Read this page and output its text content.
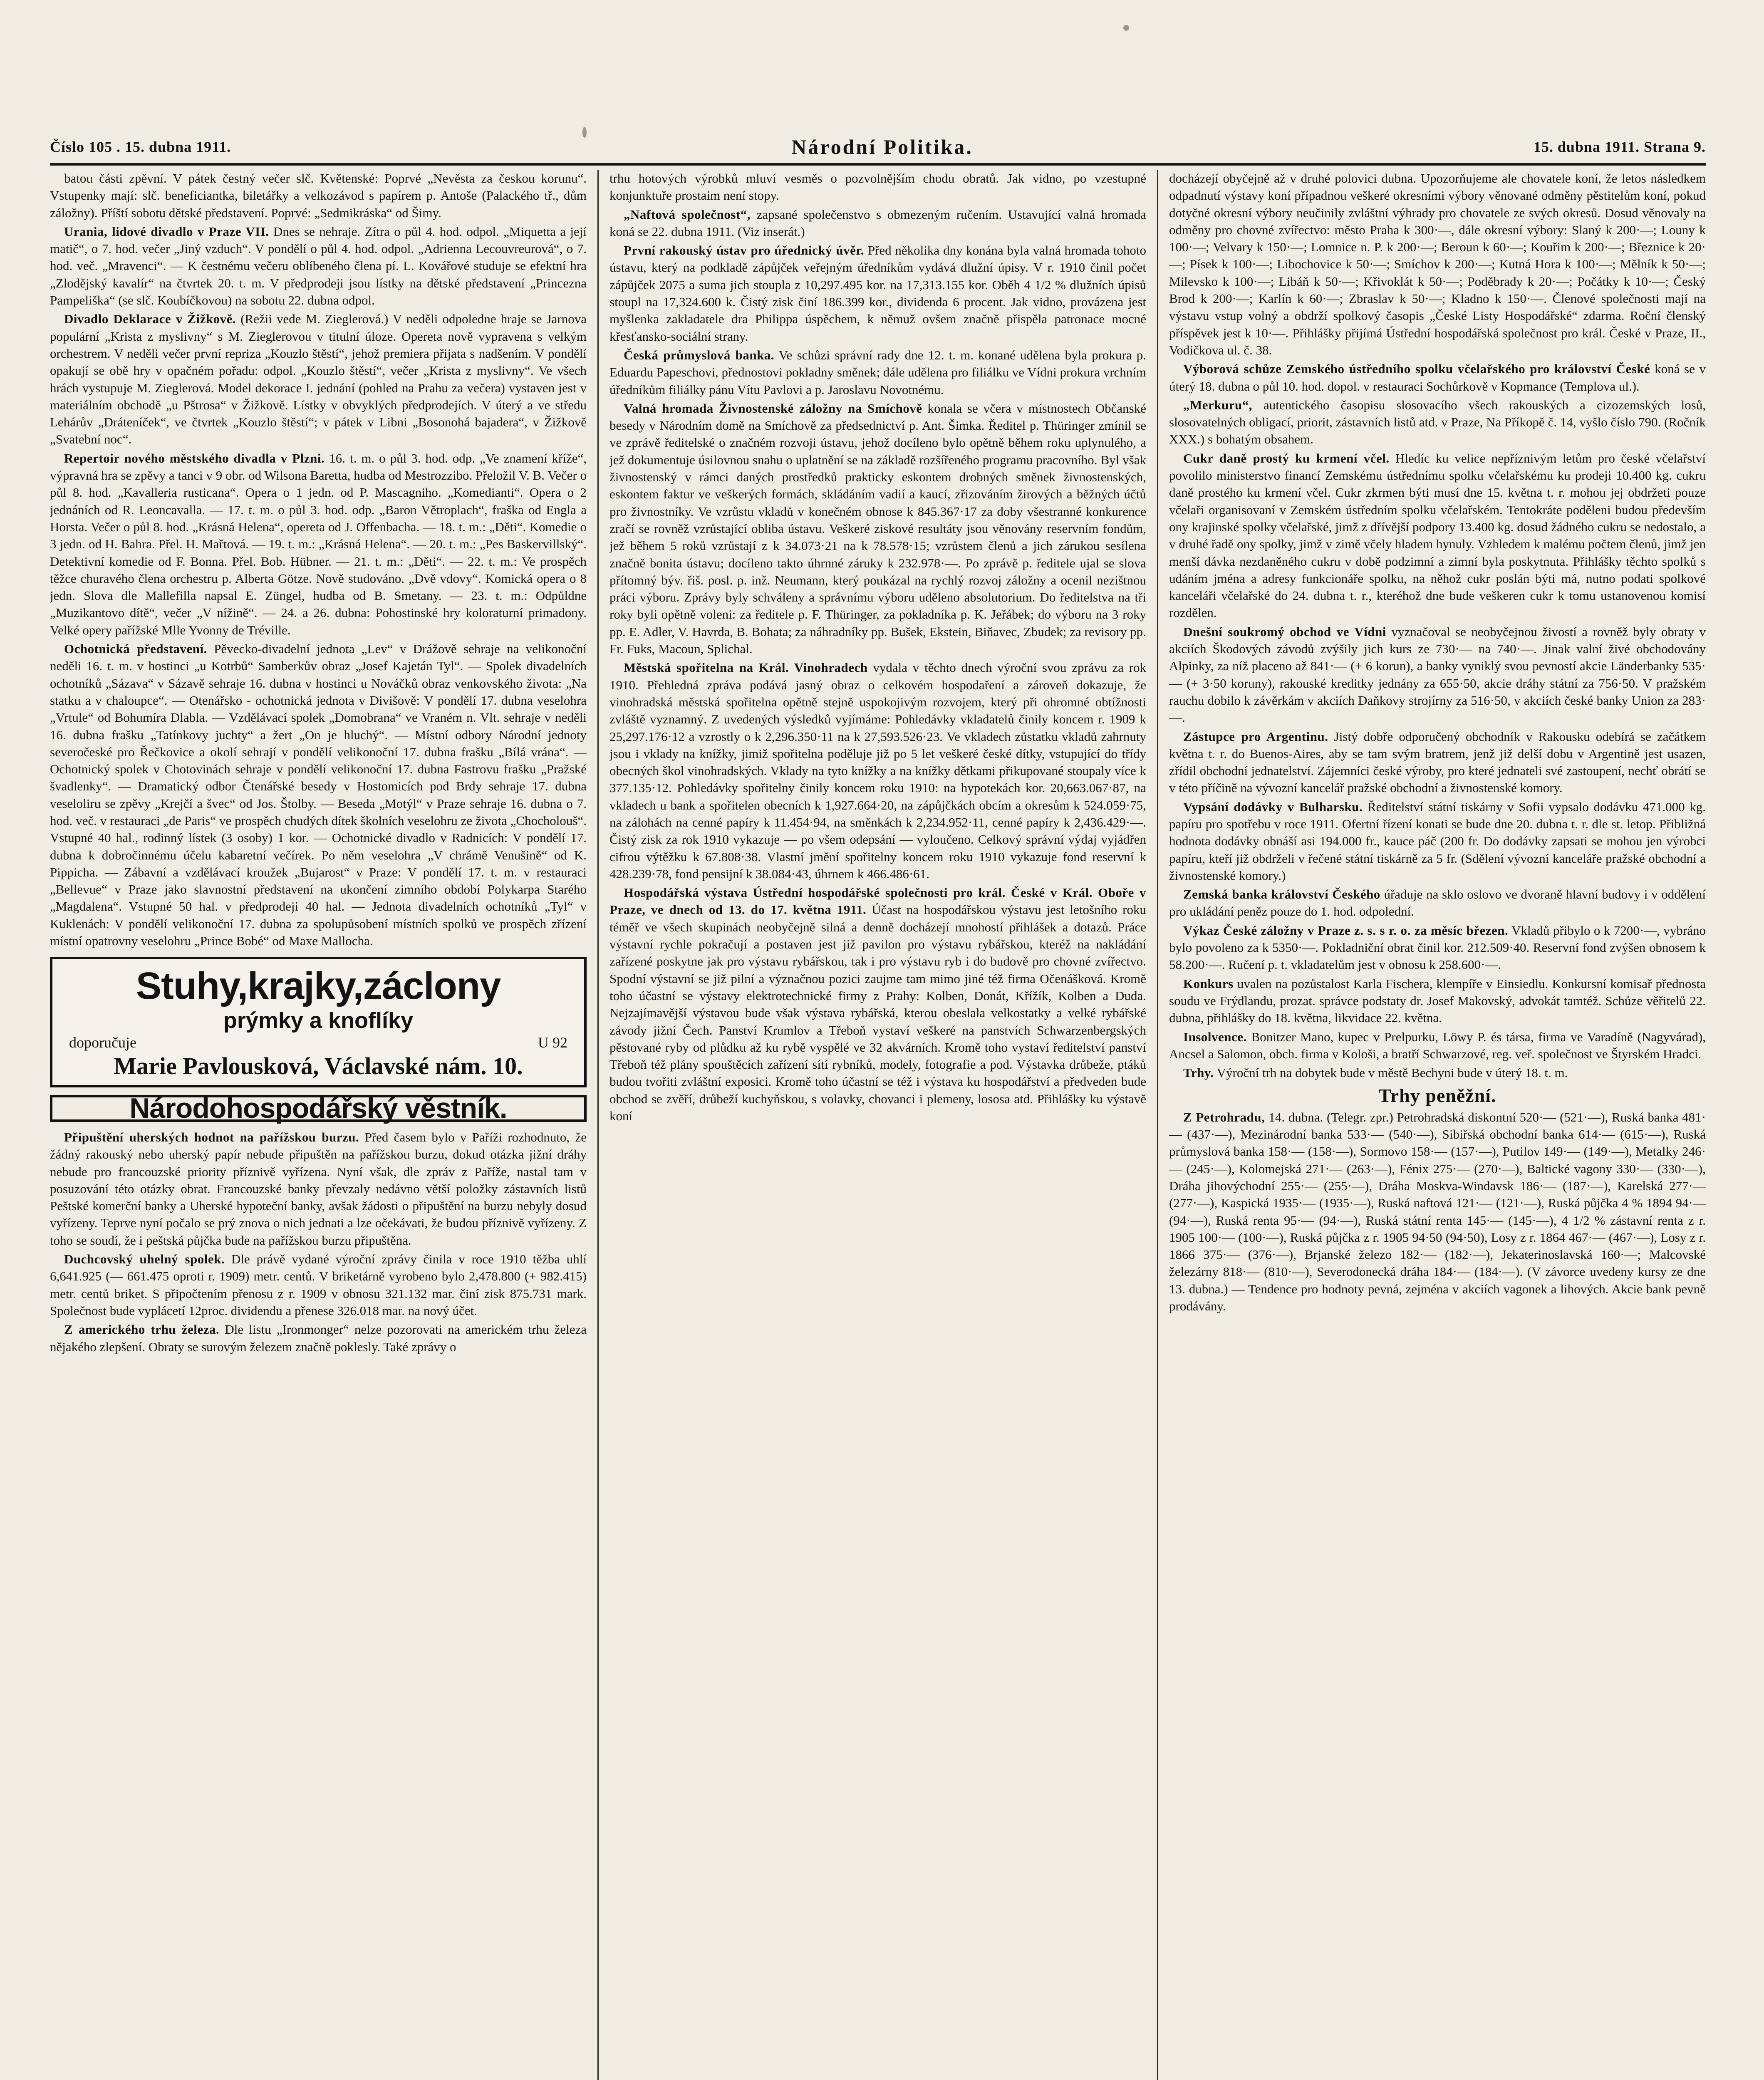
Číslo 105 . 15. dubna 1911.	Národní Politika.	15. dubna 1911. Strana 9.

batou části zpěvní. V pátek čestný večer slč. Květenské: Poprvé „Nevěsta za českou korunu“. Vstupenky mají: slč. beneficiantka, biletářky a velkozávod s papírem p. Antoše (Palackého tř., dům záložny). Příští sobotu dětské představení. Poprvé: „Sedmikráska“ od Šimy.

Urania, lidové divadlo v Praze VII. Dnes se nehraje. Zítra o půl 4. hod. odpol. „Miquetta a její matič“, o 7. hod. večer „Jiný vzduch“. V pondělí o půl 4. hod. odpol. „Adrienna Lecouvreurová“, o 7. hod. več. „Mravenci“. — K čestnému večeru oblíbeného člena pí. L. Kovářové studuje se efektní hra „Zlodějský kavalír“ na čtvrtek 20. t. m. V předprodeji jsou lístky na dětské představení „Princezna Pampeliška“ (se slč. Koubíčkovou) na sobotu 22. dubna odpol.

Divadlo Deklarace v Žižkově. (Režii vede M. Zieglerová.) V neděli odpoledne hraje se Jarnova populární „Krista z myslivny“ s M. Zieglerovou v titulní úloze. Opereta nově vypravena s velkým orchestrem. V neděli večer první repriza „Kouzlo štěstí“, jehož premiera přijata s nadšením. V pondělí opakují se obě hry v opačném pořadu: odpol. „Kouzlo štěstí“, večer „Krista z myslivny“. Ve všech hrách vystupuje M. Zieglerová. Model dekorace I. jednání (pohled na Prahu za večera) vystaven jest v materiálním obchodě „u Pštrosa“ v Žižkově. Lístky v obvyklých předprodejích. V úterý a ve středu Lehárův „Dráteníček“, ve čtvrtek „Kouzlo štěstí“; v pátek v Libni „Bosonohá bajadera“, v Žižkově „Svatební noc“.

Repertoir nového městského divadla v Plzni. 16. t. m. o půl 3. hod. odp. „Ve znamení kříže“, výpravná hra se zpěvy a tanci v 9 obr. od Wilsona Baretta, hudba od Mestrozzibo. Přeložil V. B. Večer o půl 8. hod. „Kavalleria rusticana“. Opera o 1 jedn. od P. Mascagniho. „Komedianti“. Opera o 2 jednáních od R. Leoncavalla. — 17. t. m. o půl 3. hod. odp. „Baron Větroplach“, fraška od Engla a Horsta. Večer o půl 8. hod. „Krásná Helena“, opereta od J. Offenbacha. — 18. t. m.: „Děti“. Komedie o 3 jedn. od H. Bahra. Přel. H. Mařtová. — 19. t. m.: „Krásná Helena“. — 20. t. m.: „Pes Baskervillský“. Detektivní komedie od F. Bonna. Přel. Bob. Hübner. — 21. t. m.: „Děti“. — 22. t. m.: Ve prospěch těžce churavého člena orchestru p. Alberta Götze. Nově studováno. „Dvě vdovy“. Komická opera o 8 jedn. Slova dle Mallefilla napsal E. Züngel, hudba od B. Smetany. — 23. t. m.: Odpůldne „Muzikantovo dítě“, večer „V nížině“. — 24. a 26. dubna: Pohostinské hry koloraturní primadony. Velké opery pařížské Mlle Yvonny de Tréville.

Ochotnická představení. Pěvecko-divadelní jednota „Lev“ v Drážově sehraje na velikonoční neděli 16. t. m. v hostinci „u Kotrbů“ Samberkův obraz „Josef Kajetán Tyl“. — Spolek divadelních ochotníků „Sázava“ v Sázavě sehraje 16. dubna v hostinci u Nováčků obraz venkovského života: „Na statku a v chaloupce“. — Otenářsko - ochotnická jednota v Divišově: V pondělí 17. dubna veselohra „Vrtule“ od Bohumíra Dlabla. — Vzdělávací spolek „Domobrana“ ve Vraném n. Vlt. sehraje v neděli 16. dubna frašku „Tatínkovy juchty“ a žert „On je hluchý“. — Místní odbory Národní jednoty severočeské pro Řečkovice a okolí sehrají v pondělí velikonoční 17. dubna frašku „Bílá vrána“. — Ochotnický spolek v Chotovinách sehraje v pondělí velikonoční 17. dubna Fastrovu frašku „Pražské švadlenky“. — Dramatický odbor Čtenářské besedy v Hostomicích pod Brdy sehraje 17. dubna veseloliru se zpěvy „Krejčí a švec“ od Jos. Štolby. — Beseda „Motýl“ v Praze sehraje 16. dubna o 7. hod. več. v restauraci „de Paris“ ve prospěch chudých dítek školních veselohru ze života „Chocholouš“. Vstupné 40 hal., rodinný lístek (3 osoby) 1 kor. — Ochotnické divadlo v Radnicích: V pondělí 17. dubna k dobročinnému účelu kabaretní večírek. Po něm veselohra „V chrámě Venušině“ od K. Pippicha. — Zábavní a vzdělávací kroužek „Bujarost“ v Praze: V pondělí 17. t. m. v restauraci „Bellevue“ v Praze jako slavnostní představení na ukončení zimního období Polykarpa Starého „Magdalena“. Vstupné 50 hal. v předprodeji 40 hal. — Jednota divadelních ochotníků „Tyl“ v Kuklenách: V pondělí velikonoční 17. dubna za spolupůsobení místních spolků ve prospěch zřízení místní opatrovny veselohru „Prince Bobé“ od Maxe Mallocha.

Stuhy,krajky,záclony
prýmky a knoflíky
doporučuje	U 92
Marie Pavlousková, Václavské nám. 10.
Národohospodářský věstník.

Připuštění uherských hodnot na pařížskou burzu. Před časem bylo v Paříži rozhodnuto, že žádný rakouský nebo uherský papír nebude připuštěn na pařížskou burzu, dokud otázka jižní dráhy nebude pro francouzské priority příznivě vyřízena. Nyní však, dle zpráv z Paříže, nastal tam v posuzování této otázky obrat. Francouzské banky převzaly nedávno větší položky zástavních listů Peštské komerční banky a Uherské hypoteční banky, avšak žádosti o připuštění na burzu nebyly dosud vyřízeny. Teprve nyní počalo se prý znova o nich jednati a lze očekávati, že budou příznivě vyřízeny. Z toho se soudí, že i peštská půjčka bude na pařížskou burzu připuštěna.

Duchcovský uhelný spolek. Dle právě vydané výroční zprávy činila v roce 1910 těžba uhlí 6,641.925 (— 661.475 oproti r. 1909) metr. centů. V briketárně vyrobeno bylo 2,478.800 (+ 982.415) metr. centů briket. S připočtením přenosu z r. 1909 v obnosu 321.132 mar. činí zisk 875.731 mark. Společnost bude vyplácetí 12proc. dividendu a přenese 326.018 mar. na nový účet.

Z amerického trhu železa. Dle listu „Ironmonger“ nelze pozorovati na americkém trhu železa nějakého zlepšení. Obraty se surovým železem značně poklesly. Také zprávy o

trhu hotových výrobků mluví vesměs o pozvolnějším chodu obratů. Jak vidno, po vzestupné konjunktuře prostaim není stopy.

„Naftová společnost“, zapsané společenstvo s obmezeným ručením. Ustavující valná hromada koná se 22. dubna 1911. (Viz inserát.)

První rakouský ústav pro úřednický úvěr. Před několika dny konána byla valná hromada tohoto ústavu, který na podkladě zápůjček veřejným úředníkům vydává dlužní úpisy. V r. 1910 činil počet zápůjček 2075 a suma jich stoupla z 10,297.495 kor. na 17,313.155 kor. Oběh 4 1/2 % dlužních úpisů stoupl na 17,324.600 k. Čistý zisk činí 186.399 kor., dividenda 6 procent. Jak vidno, provázena jest myšlenka zakladatele dra Philippa úspěchem, k němuž ovšem značně přispěla patronace mocné křesťansko-sociální strany.

Česká průmyslová banka. Ve schůzi správní rady dne 12. t. m. konané udělena byla prokura p. Eduardu Papeschovi, přednostovi pokladny směnek; dále udělena pro filiálku ve Vídni prokura vrchním úředníkům filiálky pánu Vítu Pavlovi a p. Jaroslavu Novotnému.

Valná hromada Živnostenské záložny na Smíchově konala se včera v místnostech Občanské besedy v Národním domě na Smíchově za předsednictví p. Ant. Šimka. Ředitel p. Thüringer zmínil se ve zprávě ředitelské o značném rozvoji ústavu, jehož docíleno bylo opětně během roku uplynulého, a jež dokumentuje úsilovnou snahu o uplatnění se na základě rozšířeného programu pracovního. Byl však živnostenský v rámci daných prostředků prakticky eskontem drobných směnek živnostenských, eskontem faktur ve veškerých formách, skládáním vadií a kaucí, zřizováním žirových a běžných účtů pro živnostníky. Ve vzrůstu vkladů v konečném obnose k 845.367·17 za doby všestranné konkurence zračí se rovněž vzrůstající obliba ústavu. Veškeré ziskové resultáty jsou věnovány reservním fondům, jež během 5 roků vzrůstají z k 34.073·21 na k 78.578·15; vzrůstem členů a jich zárukou sesílena značně bonita ústavu; docíleno takto úhrnné záruky k 232.978·—. Po zprávě p. ředitele ujal se slova přítomný býv. řiš. posl. p. inž. Neumann, který poukázal na rychlý rozvoj záložny a ocenil nezištnou práci výboru. Zprávy byly schváleny a správnímu výboru uděleno absolutorium. Do ředitelstva na tři roky byli opětně voleni: za ředitele p. F. Thüringer, za pokladníka p. K. Jeřábek; do výboru na 3 roky pp. E. Adler, V. Havrda, B. Bohata; za náhradníky pp. Bušek, Ekstein, Biňavec, Zbudek; za revisory pp. Fr. Fuks, Macoun, Splichal.

Městská spořitelna na Král. Vinohradech vydala v těchto dnech výroční svou zprávu za rok 1910. Přehledná zpráva podává jasný obraz o celkovém hospodaření a zároveň dokazuje, že vinohradská městská spořitelna opětně stejně uspokojivým rozvojem, který při ohromné obtížnosti zvláště vyznamný. Z uvedených výsledků vyjímáme: Pohledávky vkladatelů činily koncem r. 1909 k 25,297.176·12 a vzrostly o k 2,296.350·11 na k 27,593.526·23. Ve vkladech zůstatku vkladů zahrnuty jsou i vklady na knížky, jimiž spořitelna poděluje již po 5 let veškeré české dítky, vstupující do třídy obecných škol vinohradských. Vklady na tyto knížky a na knížky dětkami přikupované stoupaly více k 377.135·12. Pohledávky spořitelny činily koncem roku 1910: na hypotekách kor. 20,663.067·87, na vkladech u bank a spořitelen obecních k 1,927.664·20, na zápůjčkách obcím a okresům k 524.059·75, na zálohách na cenné papíry k 11.454·94, na směnkách k 2,234.952·11, cenné papíry k 2,436.429·—. Čistý zisk za rok 1910 vykazuje — po všem odepsání — vyloučeno. Celkový správní výdaj vyjádřen cifrou výtěžku k 67.808·38. Vlastní jmění spořitelny koncem roku 1910 vykazuje fond reservní k 428.239·78, fond pensijní k 38.084·43, úhrnem k 466.486·61.

Hospodářská výstava Ústřední hospodářské společnosti pro král. České v Král. Oboře v Praze, ve dnech od 13. do 17. května 1911. Účast na hospodářskou výstavu jest letošního roku téměř ve všech skupinách neobyčejně silná a denně docházejí mnohostí přihlášek a dotazů. Práce výstavní rychle pokračují a postaven jest již pavilon pro výstavu rybářskou, kteréž na nakládání zařízené poskytne jak pro výstavu rybářskou, tak i pro výstavu ryb i do budově pro chovné zvířectvo. Spodní výstavní se již pilní a význačnou pozici zaujme tam mimo jiné též firma Očenášková. Kromě toho účastní se výstavy elektrotechnické firmy z Prahy: Kolben, Donát, Křížík, Kolben a Duda. Nejzajímavější výstavou bude však výstava rybářská, kterou obeslala velkostatky a velké rybářské závody jižní Čech. Panství Krumlov a Třeboň vystaví veškeré na panstvích Schwarzenbergských pěstované ryby od plůdku až ku rybě vyspělé ve 32 akvárních. Kromě toho vystaví ředitelství panství Třeboň též plány spouštěcích zařízení sítí rybníků, modely, fotografie a pod. Výstavka drůbeže, ptáků budou tvořiti zvláštní exposici. Kromě toho účastní se též i výstava ku hospodářství a předveden bude obchod se zvěří, drůbeží kuchyňskou, s volavky, chovanci i plemeny, lososa atd. Přihlášky ku výstavě koní

docházejí obyčejně až v druhé polovici dubna. Upozorňujeme ale chovatele koní, že letos následkem odpadnutí výstavy koní případnou veškeré okresními výbory věnované odměny pěstitelům koní, pokud dotyčné okresní výbory neučinily zvláštní výhrady pro chovatele ze svých okresů. Dosud věnovaly na odměny pro chovné zvířectvo: město Praha k 300·—, dále okresní výbory: Slaný k 200·—; Louny k 100·—; Velvary k 150·—; Lomnice n. P. k 200·—; Beroun k 60·—; Kouřim k 200·—; Březnice k 20·—; Písek k 100·—; Libochovice k 50·—; Smíchov k 200·—; Kutná Hora k 100·—; Mělník k 50·—; Milevsko k 100·—; Libáň k 50·—; Křivoklát k 50·—; Poděbrady k 20·—; Počátky k 10·—; Český Brod k 200·—; Karlín k 60·—; Zbraslav k 50·—; Kladno k 150·—. Členové společnosti mají na výstavu vstup volný a obdrží spolkový časopis „České Listy Hospodářské“ zdarma. Roční členský příspěvek jest k 10·—. Přihlášky přijímá Ústřední hospodářská společnost pro král. České v Praze, II., Vodičkova ul. č. 38.

Výborová schůze Zemského ústředního spolku včelařského pro království České koná se v úterý 18. dubna o půl 10. hod. dopol. v restauraci Sochůrkově v Kopmance (Templova ul.).

„Merkuru“, autentického časopisu slosovacího všech rakouských a cizozemských losů, slosovatelných obligací, priorit, zástavních listů atd. v Praze, Na Příkopě č. 14, vyšlo číslo 790. (Ročník XXX.) s bohatým obsahem.

Cukr daně prostý ku krmení včel. Hledíc ku velice nepříznivým letům pro české včelařství povolilo ministerstvo financí Zemskému ústřednímu spolku včelařskému ku prodeji 10.400 kg. cukru daně prostého ku krmení včel. Cukr zkrmen býti musí dne 15. května t. r. mohou jej obdržeti pouze včelaři organisovaní v Zemském ústředním spolku včelařském. Tentokráte poděleni budou především ony krajinské spolky včelařské, jimž z dřívější podpory 13.400 kg. dosud žádného cukru se nedostalo, a v druhé řadě ony spolky, jimž v zimě včely hladem hynuly. Vzhledem k malému počtem členů, jimž jen menší dávka nezdaněného cukru v době podzimní a zimní byla poskytnuta. Přihlášky těchto spolků s udáním jména a adresy funkcionáře spolku, na něhož cukr poslán býti má, nutno podati spolkové kanceláři včelařské do 24. dubna t. r., kteréhož dne bude veškeren cukr k tomu ustanovenou komisí rozdělen.

Dnešní soukromý obchod ve Vídni vyznačoval se neobyčejnou živostí a rovněž byly obraty v akciích Škodových závodů zvýšily jich kurs ze 730·— na 740·—. Jinak valní živé obchodovány Alpinky, za níž placeno až 841·— (+ 6 korun), a banky vyniklý svou pevností akcie Länderbanky 535·— (+ 3·50 koruny), rakouské kreditky jednány za 655·50, akcie dráhy státní za 756·50. V pražském rauchu dobilo k závěrkám v akciích Daňkovy strojírny za 516·50, v akciích české banky Union za 283·—.

Zástupce pro Argentinu. Jistý dobře odporučený obchodník v Rakousku odebírá se začátkem května t. r. do Buenos-Aires, aby se tam svým bratrem, jenž již delší dobu v Argentině jest usazen, zřídil obchodní jednatelství. Zájemníci české výroby, pro které jednateli své zastoupení, nechť obrátí se v této příčině na vývozní kancelář pražské obchodní a živnostenské komory.

Vypsání dodávky v Bulharsku. Ředitelství státní tiskárny v Sofii vypsalo dodávku 471.000 kg. papíru pro spotřebu v roce 1911. Ofertní řízení konati se bude dne 20. dubna t. r. dle st. letop. Přibližná hodnota dodávky obnáší asi 194.000 fr., kauce páč (200 fr. Do dodávky zapsati se mohou jen výrobci papíru, kteří již obdrželi v řečené státní tiskárně za 5 fr. (Sdělení vývozní kanceláře pražské obchodní a živnostenské komory.)

Zemská banka království Českého úřaduje na sklo oslovo ve dvoraně hlavní budovy i v oddělení pro ukládání peněz pouze do 1. hod. odpolední.

Výkaz České záložny v Praze z. s. s r. o. za měsíc březen. Vkladů přibylo o k 7200·—, vybráno bylo povoleno za k 5350·—. Pokladniční obrat činil kor. 212.509·40. Reservní fond zvýšen obnosem k 58.200·—. Ručení p. t. vkladatelům jest v obnosu k 258.600·—.

Konkurs uvalen na pozůstalost Karla Fischera, klempíře v Einsiedlu. Konkursní komisař přednosta soudu ve Frýdlandu, prozat. správce podstaty dr. Josef Makovský, advokát tamtéž. Schůze věřitelů 22. dubna, přihlášky do 18. května, likvidace 22. května.

Insolvence. Bonitzer Mano, kupec v Prelpurku, Löwy P. és társa, firma ve Varadíně (Nagyvárad), Ancsel a Salomon, obch. firma v Kološi, a bratří Schwarzové, reg. veř. společnost ve Štyrském Hradci.

Trhy. Výroční trh na dobytek bude v městě Bechyni bude v úterý 18. t. m.

Trhy peněžní.

Z Petrohradu, 14. dubna. (Telegr. zpr.) Petrohradská diskontní 520·— (521·—), Ruská banka 481·— (437·—), Mezinárodní banka 533·— (540·—), Sibiřská obchodní banka 614·— (615·—), Ruská průmyslová banka 158·— (158·—), Sormovo 158·— (157·—), Putilov 149·— (149·—), Metalky 246·— (245·—), Kolomejská 271·— (263·—), Fénix 275·— (270·—), Baltické vagony 330·— (330·—), Dráha jihovýchodní 255·— (255·—), Dráha Moskva-Windavsk 186·— (187·—), Karelská 277·— (277·—), Kaspická 1935·— (1935·—), Ruská naftová 121·— (121·—), Ruská půjčka 4 % 1894 94·— (94·—), Ruská renta 95·— (94·—), Ruská státní renta 145·— (145·—), 4 1/2 % zástavní renta z r. 1905 100·— (100·—), Ruská půjčka z r. 1905 94·50 (94·50), Losy z r. 1864 467·— (467·—), Losy z r. 1866 375·— (376·—), Brjanské železo 182·— (182·—), Jekaterinoslavská 160·—; Malcovské železárny 818·— (810·—), Severodonecká dráha 184·— (184·—). (V závorce uvedeny kursy ze dne 13. dubna.) — Tendence pro hodnoty pevná, zejména v akciích vagonek a lihových. Akcie bank pevně prodávány.
